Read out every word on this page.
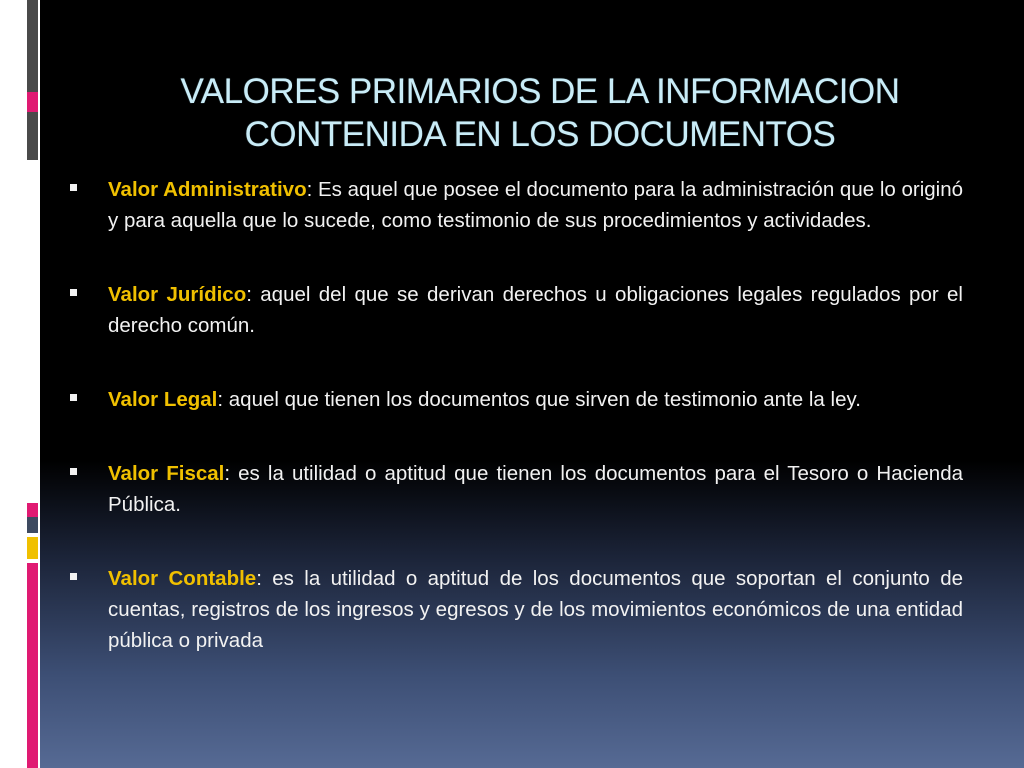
VALORES PRIMARIOS DE LA INFORMACION
CONTENIDA EN LOS DOCUMENTOS
Valor Administrativo: Es aquel que posee el documento para la administración que lo originó y para aquella que lo sucede, como testimonio de sus procedimientos y actividades.
Valor Jurídico: aquel del que se derivan derechos u obligaciones legales regulados por el derecho común.
Valor Legal: aquel que tienen los documentos que sirven de testimonio ante la ley.
Valor Fiscal: es la utilidad o aptitud que tienen los documentos para el Tesoro o Hacienda Pública.
Valor Contable: es la utilidad o aptitud de los documentos que soportan el conjunto de cuentas, registros de los ingresos y egresos y de los movimientos económicos de una entidad pública o privada
